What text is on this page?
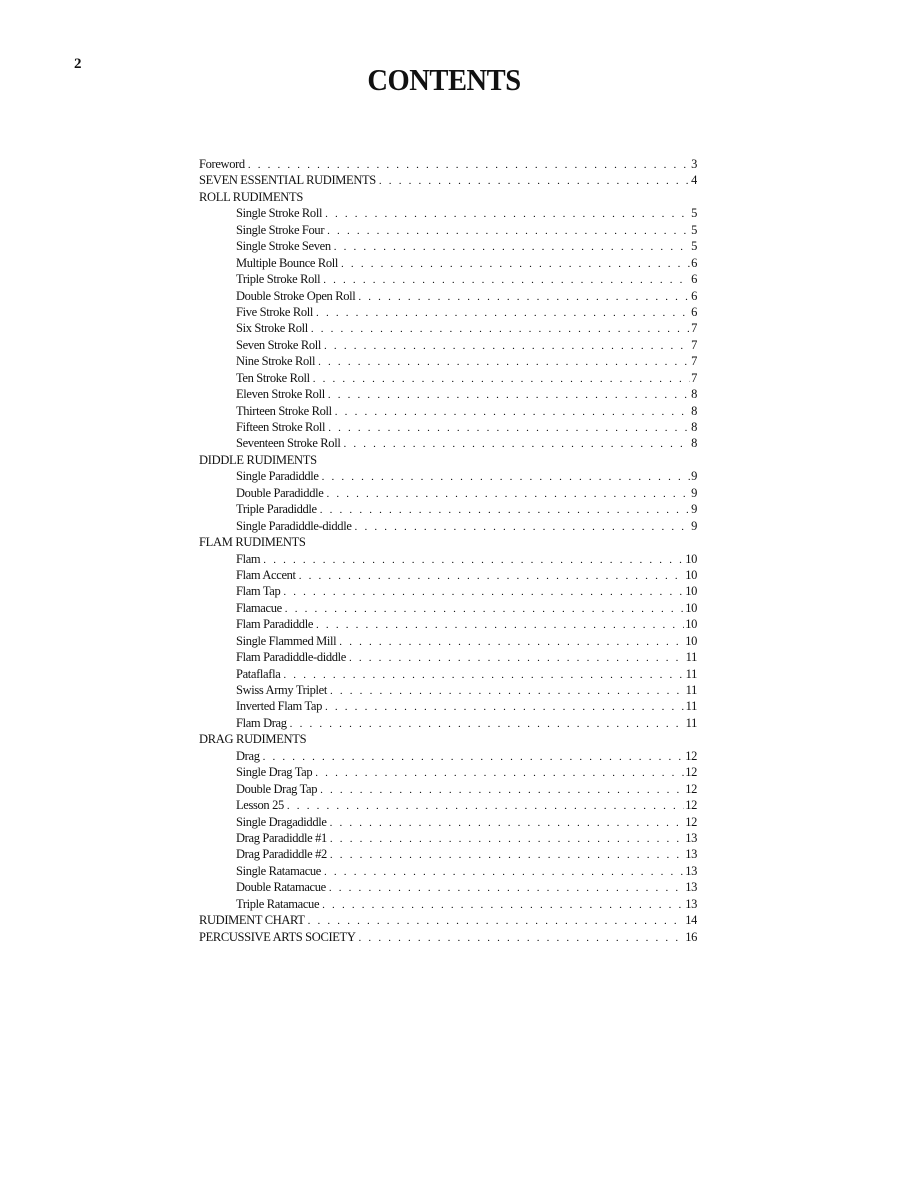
2	CONTENTS
Foreword . . .	3
SEVEN ESSENTIAL RUDIMENTS . . .	4
ROLL RUDIMENTS
Single Stroke Roll . . .	5
Single Stroke Four . . .	5
Single Stroke Seven . . .	5
Multiple Bounce Roll . . .	6
Triple Stroke Roll . . .	6
Double Stroke Open Roll . . .	6
Five Stroke Roll . . .	6
Six Stroke Roll . . .	7
Seven Stroke Roll . . .	7
Nine Stroke Roll . . .	7
Ten Stroke Roll . . .	7
Eleven Stroke Roll . . .	8
Thirteen Stroke Roll . . .	8
Fifteen Stroke Roll . . .	8
Seventeen Stroke Roll . . .	8
DIDDLE RUDIMENTS
Single Paradiddle . . .	9
Double Paradiddle . . .	9
Triple Paradiddle . . .	9
Single Paradiddle-diddle . . .	9
FLAM RUDIMENTS
Flam . . .	10
Flam Accent . . .	10
Flam Tap . . .	10
Flamacue . . .	10
Flam Paradiddle . . .	10
Single Flammed Mill . . .	10
Flam Paradiddle-diddle . . .	11
Pataflafla . . .	11
Swiss Army Triplet . . .	11
Inverted Flam Tap . . .	11
Flam Drag . . .	11
DRAG RUDIMENTS
Drag . . .	12
Single Drag Tap . . .	12
Double Drag Tap . . .	12
Lesson 25 . . .	12
Single Dragadiddle . . .	12
Drag Paradiddle #1 . . .	13
Drag Paradiddle #2 . . .	13
Single Ratamacue . . .	13
Double Ratamacue . . .	13
Triple Ratamacue . . .	13
RUDIMENT CHART . . .	14
PERCUSSIVE ARTS SOCIETY . . .	16
